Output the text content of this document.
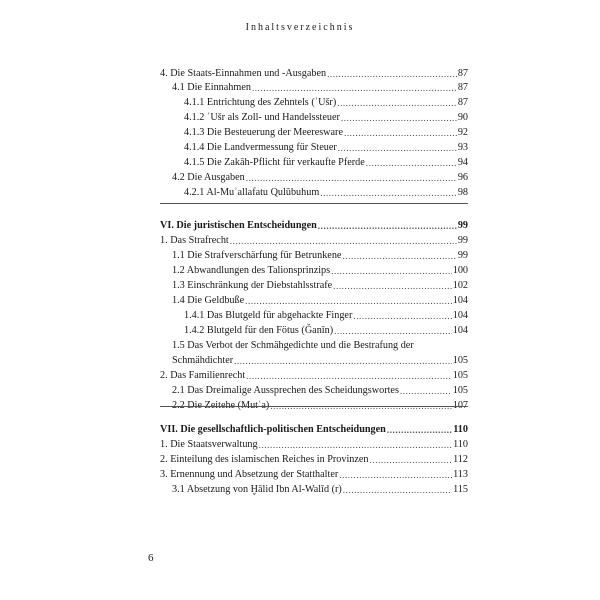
Inhaltsverzeichnis
4. Die Staats-Einnahmen und -Ausgaben .....	87
4.1 Die Einnahmen .....	87
4.1.1 Entrichtung des Zehntels (ʿUšr) .....	87
4.1.2 ʿUšr als Zoll- und Handelssteuer .....	90
4.1.3 Die Besteuerung der Meeresware .....	92
4.1.4 Die Landvermessung für Steuer .....	93
4.1.5 Die Zakāh-Pflicht für verkaufte Pferde .....	94
4.2 Die Ausgaben .....	96
4.2.1 Al-Muʾallafatu Qulūbuhum .....	98
VI. Die juristischen Entscheidungen .....	99
1. Das Strafrecht .....	99
1.1 Die Strafverschärfung für Betrunkene .....	99
1.2 Abwandlungen des Talionsprinzips .....	100
1.3 Einschränkung der Diebstahlsstrafe .....	102
1.4 Die Geldbuße .....	104
1.4.1 Das Blutgeld für abgehackte Finger .....	104
1.4.2 Blutgeld für den Fötus (Ǧanīn) .....	104
1.5 Das Verbot der Schmähgedichte und die Bestrafung der
Schmähdichter .....	105
2. Das Familienrecht .....	105
2.1 Das Dreimalige Aussprechen des Scheidungswortes .....	105
2.2 Die Zeitehe (Mutʿa) .....	107
VII. Die gesellschaftlich-politischen Entscheidungen .....	110
1. Die Staatsverwaltung .....	110
2. Einteilung des islamischen Reiches in Provinzen .....	112
3. Ernennung und Absetzung der Statthalter .....	113
3.1 Absetzung von Ḫālid Ibn Al-Walīd (r) .....	115
6
